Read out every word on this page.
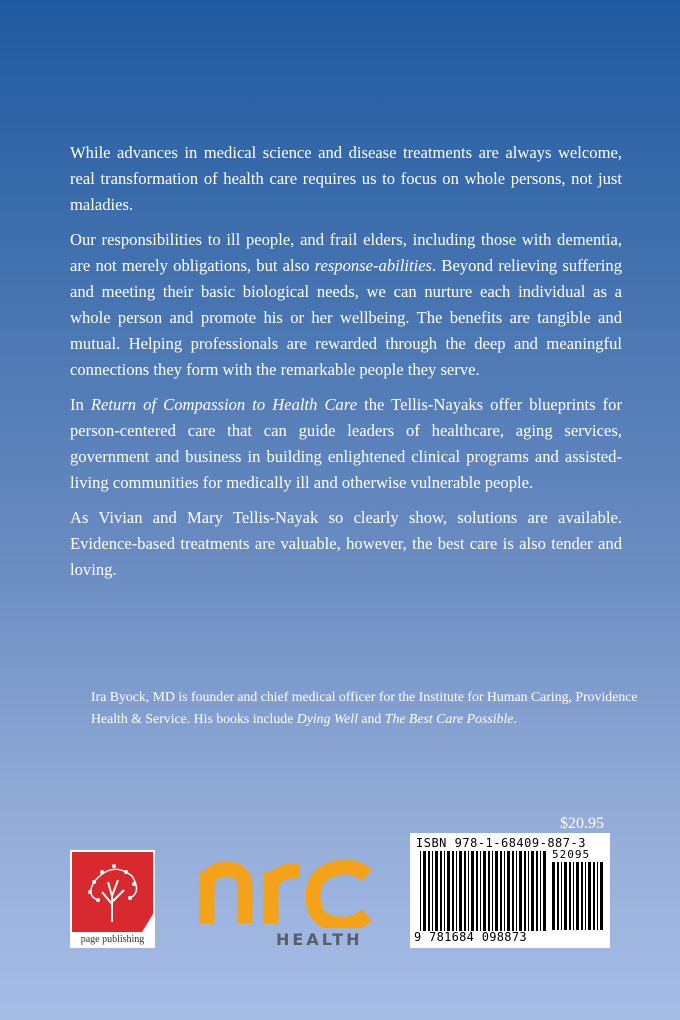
While advances in medical science and disease treatments are always welcome, real transformation of health care requires us to focus on whole persons, not just maladies.

Our responsibilities to ill people, and frail elders, including those with dementia, are not merely obligations, but also response-abilities. Beyond relieving suffering and meeting their basic biological needs, we can nurture each individual as a whole person and promote his or her wellbeing. The benefits are tangible and mutual. Helping professionals are rewarded through the deep and meaningful connections they form with the remarkable people they serve.

In Return of Compassion to Health Care the Tellis-Nayaks offer blueprints for person-centered care that can guide leaders of healthcare, aging services, government and business in building enlightened clinical programs and assisted-living communities for medically ill and otherwise vulnerable people.

As Vivian and Mary Tellis-Nayak so clearly show, solutions are available. Evidence-based treatments are valuable, however, the best care is also tender and loving.

Ira Byock, MD is founder and chief medical officer for the Institute for Human Caring, Providence Health & Service. His books include Dying Well and The Best Care Possible.

$20.95
ISBN 978-1-68409-887-3
52095
9 781684 098873
page publishing	HEALTH
